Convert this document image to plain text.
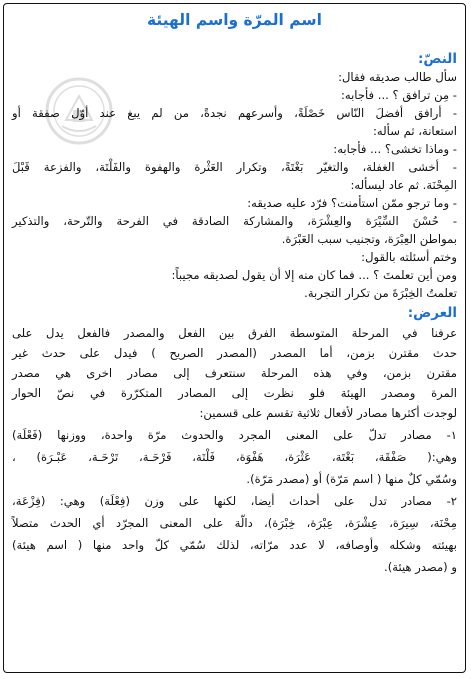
اسم المرّة واسم الهيئة
النصّ:
سأل طالب صديقه فقال:
- مِن ترافق ؟ ... فأجابه:
- أرافق أفضلَ النّاس خَصْلَةً، وأسرعهم نجدةً، من لم يبغ عند أوّل صفقة أو
استعانة، ثم سأله:
- وماذا تخشى؟ ... فأجابه:
- أخشى الغفلة، والتغيّر بَغْتَةً، وتكرار العَثْرة والهفوة والفَلْتَة، والفزعة قَبْلَ
المِحْنَة. ثم عاد ليسأله:
- وما ترجو ممّن استأمنت؟ فرّد عليه صديقه:
- حُسْنَ السِّيْرَة والعِشْرَة، والمشاركة الصادقة في الفرحة والتّرحة، والتذكير
بمواطن العِبْرَة، وتجنيب سبب العَبْرَة.
وختم أسئلته بالقول:
ومن أين تعلمتَ ؟ ... فما كان منه إلا أن يقول لصديقه مجيباً:
تعلمتُ الخِبْرَةَ من تكرار التجربة.
العرض:
عرفنا في المرحلة المتوسطة الفرق بين الفعل والمصدر فالفعل يدل على
حدث مقترن بزمن، أما المصدر (المصدر الصريح ) فيدل على حدث غير
مقترن بزمن، وفي هذه المرحلة سنتعرف إلى مصادر اخرى هي مصدر
المرة ومصدر الهيئة فلو نظرت إلى المصادر المتكرّرة في نصّ الحوار
لوجدت أكثرها مصادر لأفعال ثلاثية تقسم على قسمين:
١- مصادر تدلّ على المعنى المجرد والحدوث مرّة واحدة، ووزنها (فَعْلَة)
وهي:( صَفْقَة، بَغْتَة، عَثْرَة، هَفْوَة، فَلْتَة، فَرْحَـة، تَرْحَـة، عَبْـرَة) ،
وسُمّي كلٌ منها ( اسم مَرّة) أو (مصدر مَرّة).
٢- مصادر تدل على أحداث أيضا، لكنها على وزن (فِعْلَة) وهي: (فِزْعَة،
مِحْنَة، سِيرَة، عِشْرَة، عِبْرَة، خِبْرَة)، دالّة على المعنى المجرّد أي الحدث متصلاً
بهيئته وشكله وأوصافه، لا عدد مرّاته، لذلك سُمّي كلّ واحد منها ( اسم هيئة)
و (مصدر هيئة).
